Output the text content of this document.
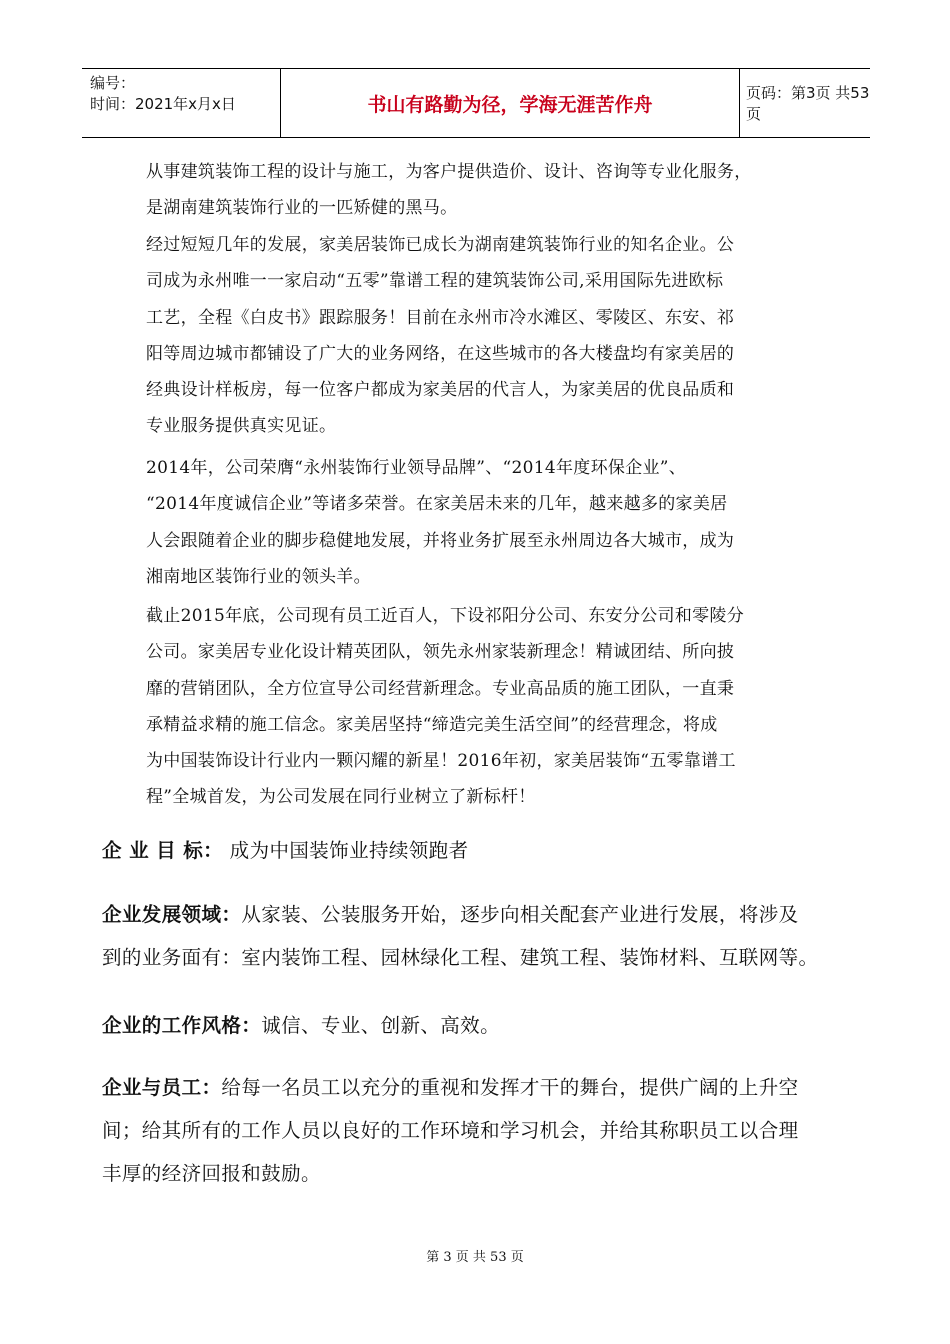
编号：
时间：2021年x月x日	书山有路勤为径，学海无涯苦作舟
页码：第3页 共53页
从事建筑装饰工程的设计与施工，为客户提供造价、设计、咨询等专业化服务，
是湖南建筑装饰行业的一匹矫健的黑马。
经过短短几年的发展，家美居装饰已成长为湖南建筑装饰行业的知名企业。公
司成为永州唯一一家启动“五零”靠谱工程的建筑装饰公司,采用国际先进欧标
工艺，全程《白皮书》跟踪服务！目前在永州市冷水滩区、零陵区、东安、祁
阳等周边城市都铺设了广大的业务网络，在这些城市的各大楼盘均有家美居的
经典设计样板房，每一位客户都成为家美居的代言人，为家美居的优良品质和
专业服务提供真实见证。
2014年，公司荣膺“永州装饰行业领导品牌”、“2014年度环保企业”、
“2014年度诚信企业”等诸多荣誉。在家美居未来的几年，越来越多的家美居
人会跟随着企业的脚步稳健地发展，并将业务扩展至永州周边各大城市，成为
湘南地区装饰行业的领头羊。
截止2015年底，公司现有员工近百人，下设祁阳分公司、东安分公司和零陵分
公司。家美居专业化设计精英团队，领先永州家装新理念！精诚团结、所向披
靡的营销团队，全方位宣导公司经营新理念。专业高品质的施工团队，一直秉
承精益求精的施工信念。家美居坚持“缔造完美生活空间”的经营理念，将成
为中国装饰设计行业内一颗闪耀的新星！2016年初，家美居装饰“五零靠谱工
程”全城首发，为公司发展在同行业树立了新标杆！
企 业 目 标： 成为中国装饰业持续领跑者
企业发展领域：从家装、公装服务开始，逐步向相关配套产业进行发展，将涉及
到的业务面有：室内装饰工程、园林绿化工程、建筑工程、装饰材料、互联网等。
企业的工作风格：诚信、专业、创新、高效。
企业与员工：给每一名员工以充分的重视和发挥才干的舞台，提供广阔的上升空
间；给其所有的工作人员以良好的工作环境和学习机会，并给其称职员工以合理
丰厚的经济回报和鼓励。
第 3 页 共 53 页
